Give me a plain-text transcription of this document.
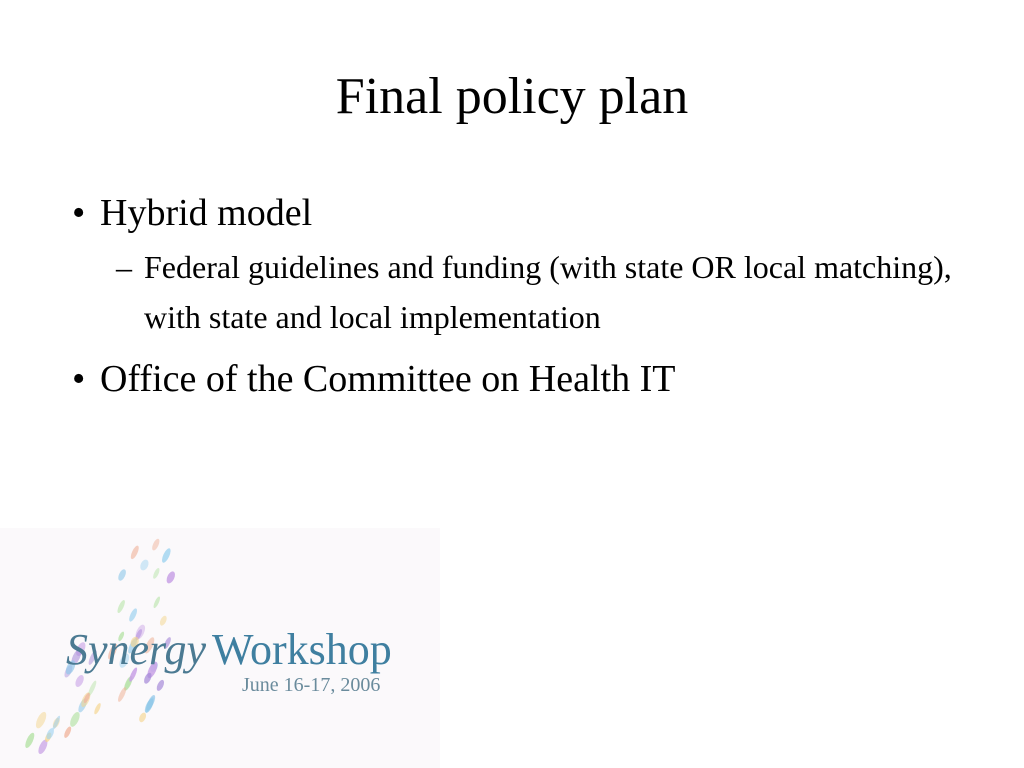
Final policy plan
• Hybrid model
– Federal guidelines and funding (with state OR local matching), with state and local implementation
• Office of the Committee on Health IT
Synergy Workshop
June 16-17, 2006
